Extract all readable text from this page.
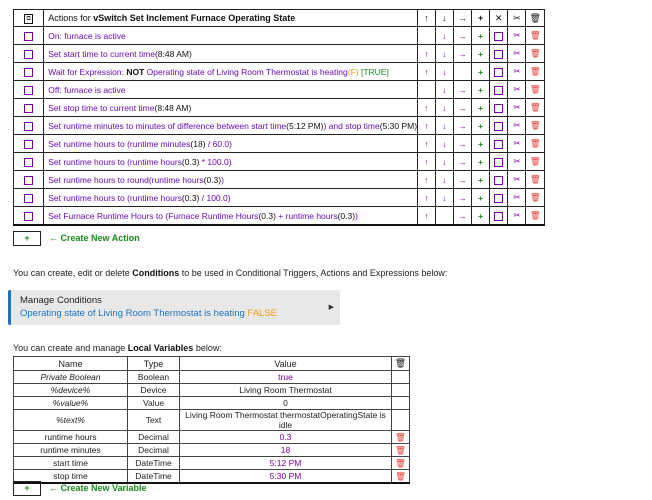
⧉	Actions for vSwitch Set Inclement Furnace Operating State	↑	↓	→	+	✕	✂	🗑
	On: furnace is active		↓	→	+		✂	🗑
	Set start time to current time(8:48 AM)	↑	↓	→	+		✂	🗑
	Wait for Expression: NOT Operating state of Living Room Thermostat is heating(F) [TRUE]	↑	↓		+		✂	🗑
	Off: furnace is active		↓	→	+		✂	🗑
	Set stop time to current time(8:48 AM)	↑	↓	→	+		✂	🗑
	Set runtime minutes to minutes of difference between start time(5:12 PM)) and stop time(5:30 PM)	↑	↓	→	+		✂	🗑
	Set runtime hours to (runtime minutes(18) / 60.0)	↑	↓	→	+		✂	🗑
	Set runtime hours to (runtime hours(0.3) * 100.0)	↑	↓	→	+		✂	🗑
	Set runtime hours to round(runtime hours(0.3))	↑	↓	→	+		✂	🗑
	Set runtime hours to (runtime hours(0.3) / 100.0)	↑	↓	→	+		✂	🗑
	Set Furnace Runtime Hours to (Furnace Runtime Hours(0.3) + runtime hours(0.3))	↑		→	+		✂	🗑
+ ← Create New Action
You can create, edit or delete Conditions to be used in Conditional Triggers, Actions and Expressions below:
Manage Conditions
Operating state of Living Room Thermostat is heating FALSE
▶
You can create and manage Local Variables below:
Name	Type	Value	🗑
Private Boolean	Boolean	true	
%device%	Device	Living Room Thermostat	
%value%	Value	0	
%text%	Text	Living Room Thermostat thermostatOperatingState is idle	
runtime hours	Decimal	0.3	🗑
runtime minutes	Decimal	18	🗑
start time	DateTime	5:12 PM	🗑
stop time	DateTime	5:30 PM	🗑
+ ← Create New Variable
